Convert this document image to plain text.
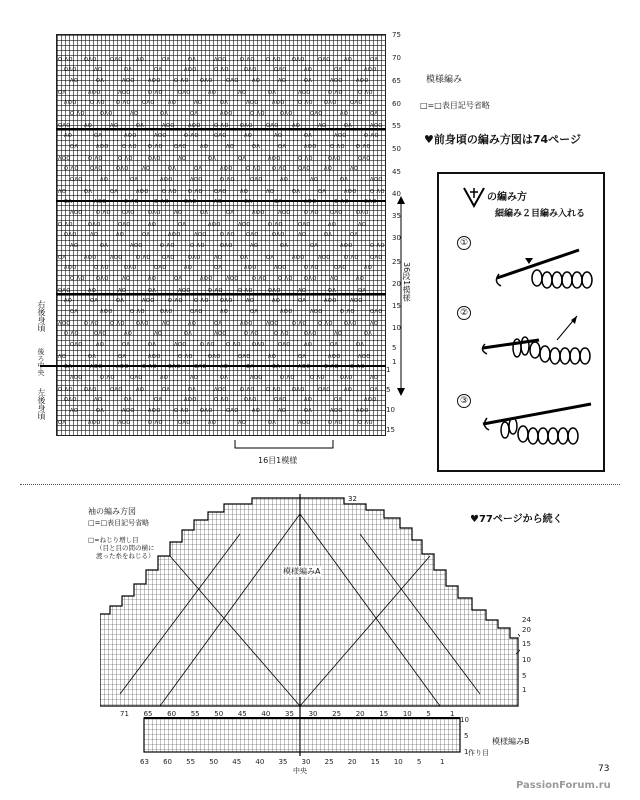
O ΛO OΛO	OΛO	ΛO	OΛ	OΛ	ΛOO	O ΛO O ΛO OΛO	OΛO	ΛO	OΛ
OΛO	ΛO	OΛ	OΛ	ΛOO	O ΛO	OΛO	OΛO	ΛO	OΛ	ΛOO
ΛO	OΛ	ΛOO	ΛOO	O ΛO OΛO	OΛO	ΛO	ΛO	OΛ	ΛOO	ΛOO
OΛ	ΛOO	ΛOO	O ΛO	OΛO	ΛO	ΛO	OΛ	ΛOO	O ΛO	O ΛO
ΛOO	O ΛO O ΛO OΛO	ΛO	ΛO	OΛ	ΛOO	ΛOO	O ΛO OΛO	OΛO
O ΛO	OΛO	ΛO	OΛ	OΛ	ΛOO	O ΛO	OΛO	OΛO	ΛO	OΛ
OΛO	ΛO	ΛO	OΛ	ΛOO	ΛOO	O ΛO OΛO	OΛO	ΛO	ΛO	OΛ	ΛOO
ΛO	OΛ	ΛOO	ΛOO	O ΛO	OΛO	ΛO	ΛO	OΛ	ΛOO	O ΛO
OΛ	ΛOO	O ΛO O ΛO OΛO	ΛO	ΛO	OΛ	OΛ	ΛOO	O ΛO O ΛO
ΛOO	O ΛO	O ΛO	OΛO	ΛO	OΛ	OΛ	ΛOO	O ΛO	OΛO	OΛO
O ΛO OΛO	OΛO	ΛO	OΛ	OΛ	ΛOO	O ΛO O ΛO OΛO	ΛO	ΛO
OΛO	ΛO	OΛ	ΛOO	ΛOO	O ΛO	OΛO	ΛO	ΛO	OΛ	ΛOO
ΛO	OΛ	OΛ	ΛOO	O ΛO O ΛO OΛO	ΛO	ΛO	OΛ	OΛ	ΛOO	O ΛO
OΛ	ΛOO	O ΛO	O ΛO	OΛO	ΛO	OΛ	OΛ	ΛOO	O ΛO	OΛO
ΛOO	O ΛO OΛO	OΛO	ΛO	OΛ	OΛ	ΛOO	ΛOO	O ΛO OΛO	OΛO
O ΛO	OΛO	OΛO	ΛO	OΛ	ΛOO	ΛOO	O ΛO	OΛO	ΛO	ΛO
OΛO	ΛO	ΛO	OΛ	ΛOO	ΛOO	O ΛO OΛO	OΛO	ΛO	OΛ	OΛ
ΛO	OΛ	ΛOO	O ΛO	O ΛO	OΛO	ΛO	OΛ	OΛ	ΛOO	O ΛO
OΛ	ΛOO	ΛOO	O ΛO OΛO	OΛO	ΛO	OΛ	OΛ	ΛOO	ΛOO	O ΛO OΛO
ΛOO	O ΛO	OΛO	OΛO	ΛO	OΛ	ΛOO	ΛOO	O ΛO	OΛO	ΛO
O ΛO OΛO	ΛO	ΛO	OΛ	ΛOO	ΛOO	O ΛO O ΛO OΛO	ΛO	ΛO
OΛO	ΛO	ΛO	OΛ	ΛOO	O ΛO	O ΛO	OΛO	ΛO	OΛ	OΛ
ΛO	OΛ	OΛ	ΛOO	O ΛO O ΛO OΛO	ΛO	ΛO	OΛ	ΛOO	ΛOO
OΛ	ΛOO	O ΛO	OΛO	OΛO	ΛO	OΛ	ΛOO	ΛOO	O ΛO	OΛO
ΛOO	O ΛO O ΛO OΛO	ΛO	ΛO	OΛ	ΛOO	ΛOO	O ΛO O ΛO OΛO	ΛO
O ΛO	OΛO	ΛO	ΛO	OΛ	ΛOO	O ΛO	O ΛO	OΛO	ΛO	OΛ
OΛO	ΛO	OΛ	OΛ	ΛOO	O ΛO O ΛO OΛO	OΛO	ΛO	OΛ	OΛ
ΛO	OΛ	OΛ	ΛOO	O ΛO	OΛO	OΛO	ΛO	OΛ	ΛOO	ΛOO
OΛ	ΛOO	ΛOO	O ΛO OΛO	OΛO	ΛO	OΛ	OΛ	ΛOO	O ΛO O ΛO
ΛOO	O ΛO	OΛO	ΛO	ΛO	OΛ	ΛOO	O ΛO	O ΛO	OΛO	ΛO
O ΛO OΛO	OΛO	ΛO	OΛ	OΛ	ΛOO	O ΛO O ΛO OΛO	OΛO	ΛO	OΛ
OΛO	ΛO	OΛ	OΛ	ΛOO	O ΛO	OΛO	OΛO	ΛO	OΛ	ΛOO
ΛO	OΛ	ΛOO	ΛOO	O ΛO OΛO	OΛO	ΛO	ΛO	OΛ	ΛOO	ΛOO
OΛ	ΛOO	ΛOO	O ΛO	OΛO	ΛO	ΛO	OΛ	ΛOO	O ΛO	O ΛO
75
70
65
60
55
50
45
40
35
30
25
20
15
10
5
1
1
5
10
15
36段1模様
16目1模様
右後身頃
後ろ中央
左後身頃
模様編み
□=□表目記号省略
♥前身頃の編み方図は74ページ
の編み方
細編み２目編み入れる
①
②
③
袖の編み方図
□=□表目記号省略
□=ねじり増し目
（目と目の間の横に
渡った糸をねじる）
模様編みA
模様編みB
作り目
中央
32
24
20
15
10
5
1
71 65 60 55 50 45 40 35 30 25 20 15 10 5	1
63 60 55 50 45 40 35 30 25 20 15 10 5	1
10
5
1
♥77ページから続く
73
PassionForum.ru
